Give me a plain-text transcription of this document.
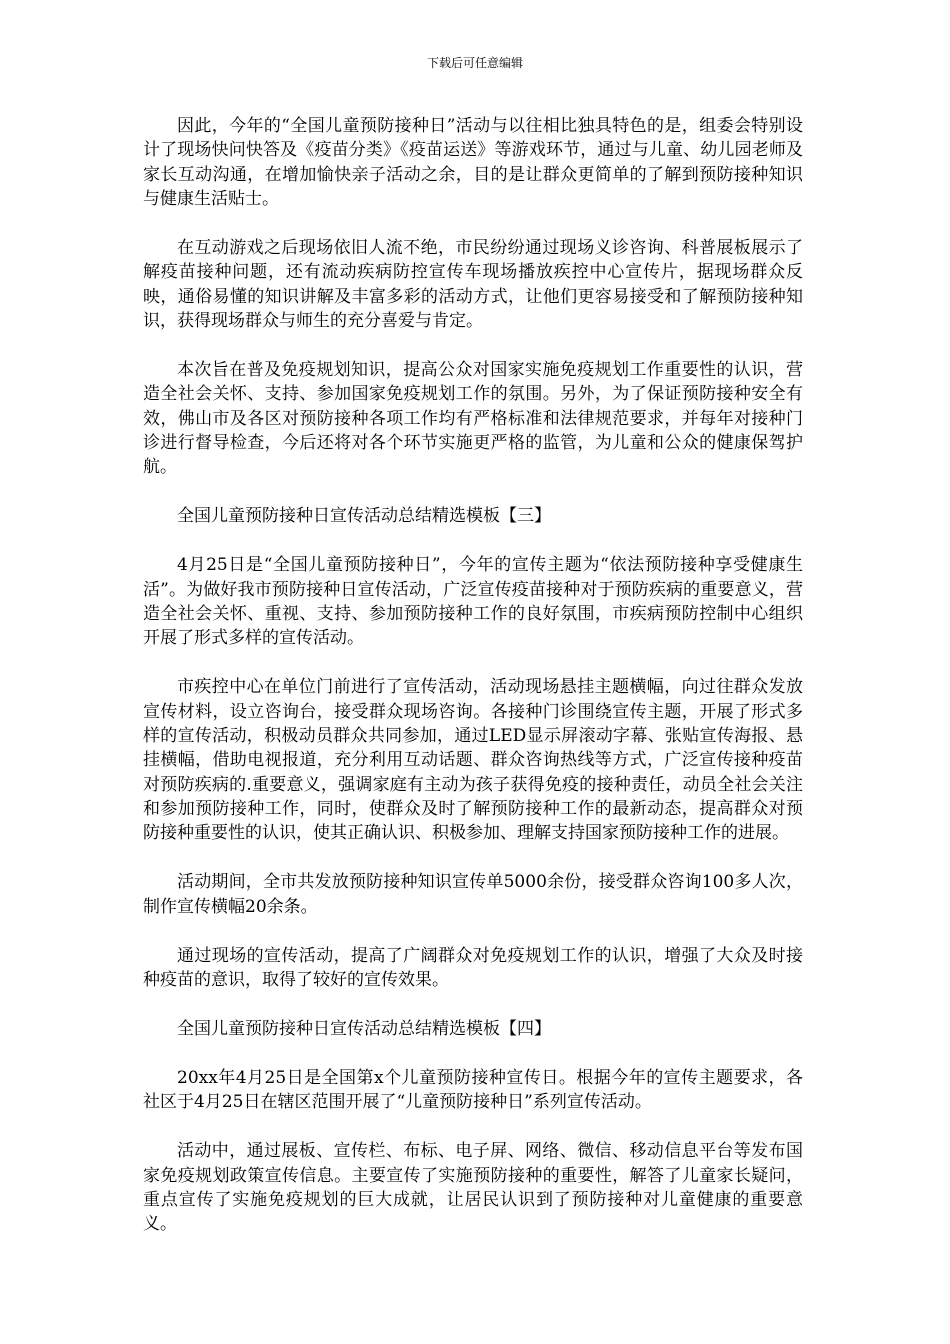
下载后可任意编辑

因此，今年的“全国儿童预防接种日”活动与以往相比独具特色的是，组委会特别设计了现场快问快答及《疫苗分类》《疫苗运送》等游戏环节，通过与儿童、幼儿园老师及家长互动沟通，在增加愉快亲子活动之余，目的是让群众更简单的了解到预防接种知识与健康生活贴士。

在互动游戏之后现场依旧人流不绝，市民纷纷通过现场义诊咨询、科普展板展示了解疫苗接种问题，还有流动疾病防控宣传车现场播放疾控中心宣传片，据现场群众反映，通俗易懂的知识讲解及丰富多彩的活动方式，让他们更容易接受和了解预防接种知识，获得现场群众与师生的充分喜爱与肯定。

本次旨在普及免疫规划知识，提高公众对国家实施免疫规划工作重要性的认识，营造全社会关怀、支持、参加国家免疫规划工作的氛围。另外，为了保证预防接种安全有效，佛山市及各区对预防接种各项工作均有严格标准和法律规范要求，并每年对接种门诊进行督导检查，今后还将对各个环节实施更严格的监管，为儿童和公众的健康保驾护航。

全国儿童预防接种日宣传活动总结精选模板【三】

4月25日是“全国儿童预防接种日”，今年的宣传主题为“依法预防接种享受健康生活”。为做好我市预防接种日宣传活动，广泛宣传疫苗接种对于预防疾病的重要意义，营造全社会关怀、重视、支持、参加预防接种工作的良好氛围，市疾病预防控制中心组织开展了形式多样的宣传活动。

市疾控中心在单位门前进行了宣传活动，活动现场悬挂主题横幅，向过往群众发放宣传材料，设立咨询台，接受群众现场咨询。各接种门诊围绕宣传主题，开展了形式多样的宣传活动，积极动员群众共同参加，通过LED显示屏滚动字幕、张贴宣传海报、悬挂横幅，借助电视报道，充分利用互动话题、群众咨询热线等方式，广泛宣传接种疫苗对预防疾病的.重要意义，强调家庭有主动为孩子获得免疫的接种责任，动员全社会关注和参加预防接种工作，同时，使群众及时了解预防接种工作的最新动态，提高群众对预防接种重要性的认识，使其正确认识、积极参加、理解支持国家预防接种工作的进展。

活动期间，全市共发放预防接种知识宣传单5000余份，接受群众咨询100多人次，制作宣传横幅20余条。

通过现场的宣传活动，提高了广阔群众对免疫规划工作的认识，增强了大众及时接种疫苗的意识，取得了较好的宣传效果。

全国儿童预防接种日宣传活动总结精选模板【四】

20xx年4月25日是全国第x个儿童预防接种宣传日。根据今年的宣传主题要求，各社区于4月25日在辖区范围开展了“儿童预防接种日”系列宣传活动。

活动中，通过展板、宣传栏、布标、电子屏、网络、微信、移动信息平台等发布国家免疫规划政策宣传信息。主要宣传了实施预防接种的重要性，解答了儿童家长疑问，重点宣传了实施免疫规划的巨大成就，让居民认识到了预防接种对儿童健康的重要意义。
